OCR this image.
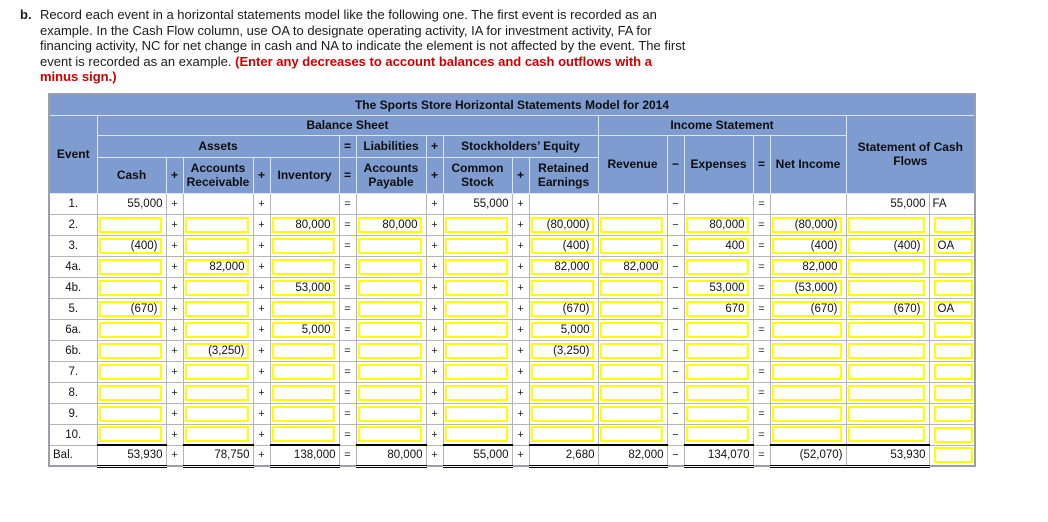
b. Record each event in a horizontal statements model like the following one. The first event is recorded as an example. In the Cash Flow column, use OA to designate operating activity, IA for investment activity, FA for financing activity, NC for net change in cash and NA to indicate the element is not affected by the event. The first event is recorded as an example. (Enter any decreases to account balances and cash outflows with a minus sign.)
The Sports Store Horizontal Statements Model for 2014																		
Event	Balance Sheet											Income Statement					Statement of Cash Flows	
	Assets					=	Liabilities	+	Stockholders’ Equity			Revenue	−	Expenses	=	Net Income		
	Cash	+	Accounts Receivable	+	Inventory	=	Accounts Payable	+	Common Stock	+	Retained Earnings							
1.	55,000	+		+		=		+	55,000	+			−		=		55,000	FA
2.		+		+	80,000	=	80,000	+		+	(80,000)		−	80,000	=	(80,000)		

3.	(400)	+		+		=		+		+	(400)		−	400	=	(400)	(400)	OA

4a.		+	82,000	+		=		+		+	82,000	82,000	−		=	82,000		

4b.		+		+	53,000	=		+		+			−	53,000	=	(53,000)		

5.	(670)	+		+		=		+		+	(670)		−	670	=	(670)	(670)	OA

6a.		+		+	5,000	=		+		+	5,000		−		=	

6b.		+	(3,250)	+		=		+		+	(3,250)		−		=	

7.		+		+		=		+		+			−		=	

8.		+		+		=		+		+			−		=	

9.		+		+		=		+		+			−		=	

10.		+		+		=		+		+			−		=	

Bal.	53,930	+	78,750	+	138,000	=	80,000	+	55,000	+	2,680	82,000	−	134,070	=	(52,070)	53,930	
